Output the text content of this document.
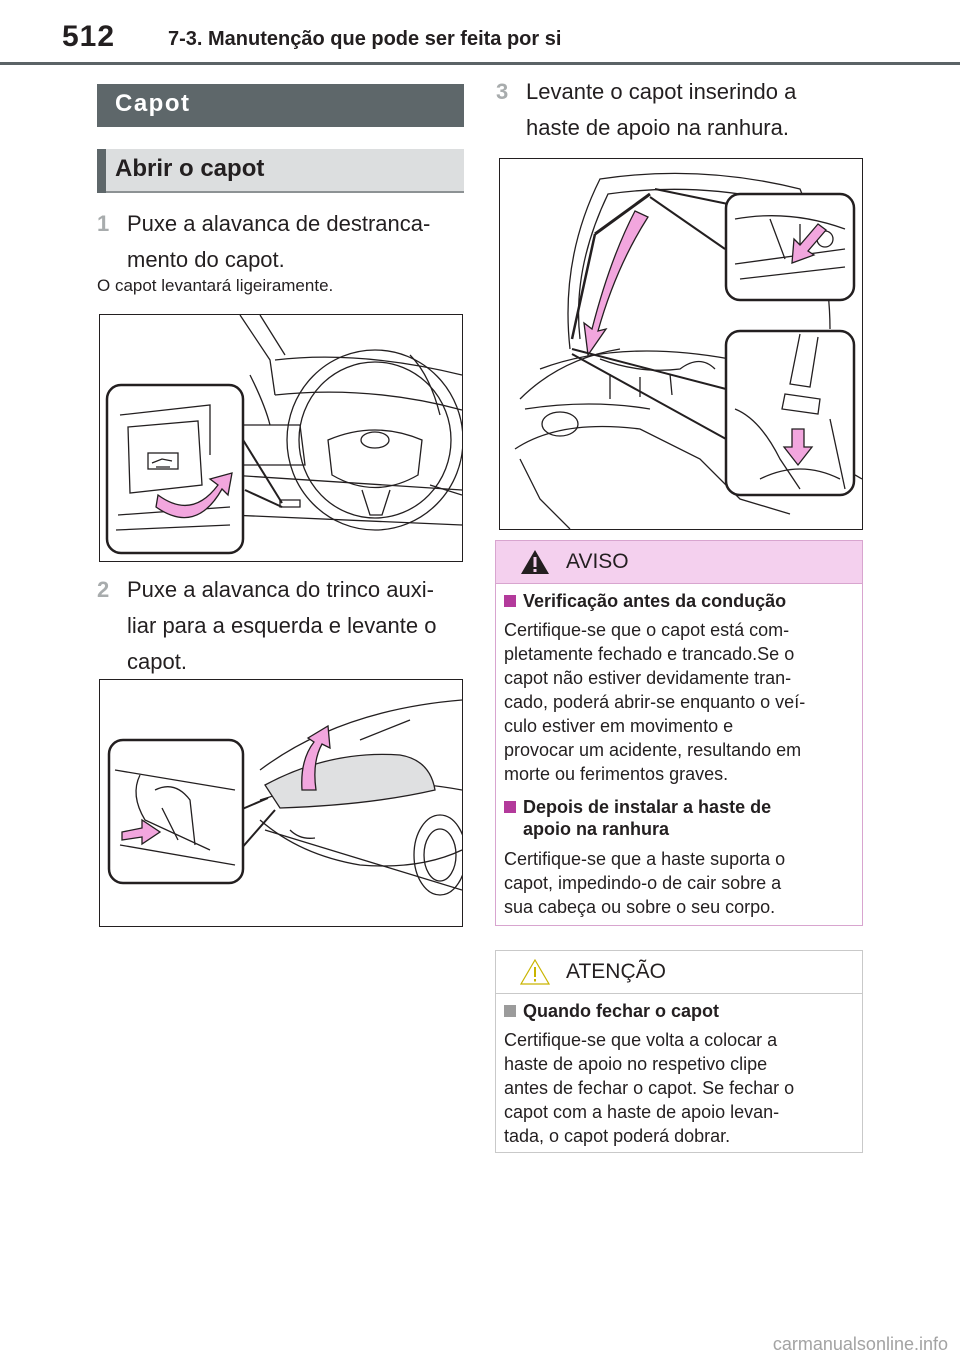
512	7-3. Manutenção que pode ser feita por si
Capot
Abrir o capot
1 Puxe a alavanca de destranca-
mento do capot.
O capot levantará ligeiramente.
2 Puxe a alavanca do trinco auxi-
liar para a esquerda e levante o
capot.
3 Levante o capot inserindo a
haste de apoio na ranhura.
AVISO
Verificação antes da condução
Certifique-se que o capot está com-
pletamente fechado e trancado.Se o
capot não estiver devidamente tran-
cado, poderá abrir-se enquanto o veí-
culo estiver em movimento e
provocar um acidente, resultando em
morte ou ferimentos graves.
Depois de instalar a haste de
apoio na ranhura
Certifique-se que a haste suporta o
capot, impedindo-o de cair sobre a
sua cabeça ou sobre o seu corpo.
ATENÇÃO
Quando fechar o capot
Certifique-se que volta a colocar a
haste de apoio no respetivo clipe
antes de fechar o capot. Se fechar o
capot com a haste de apoio levan-
tada, o capot poderá dobrar.
carmanualsonline.info
